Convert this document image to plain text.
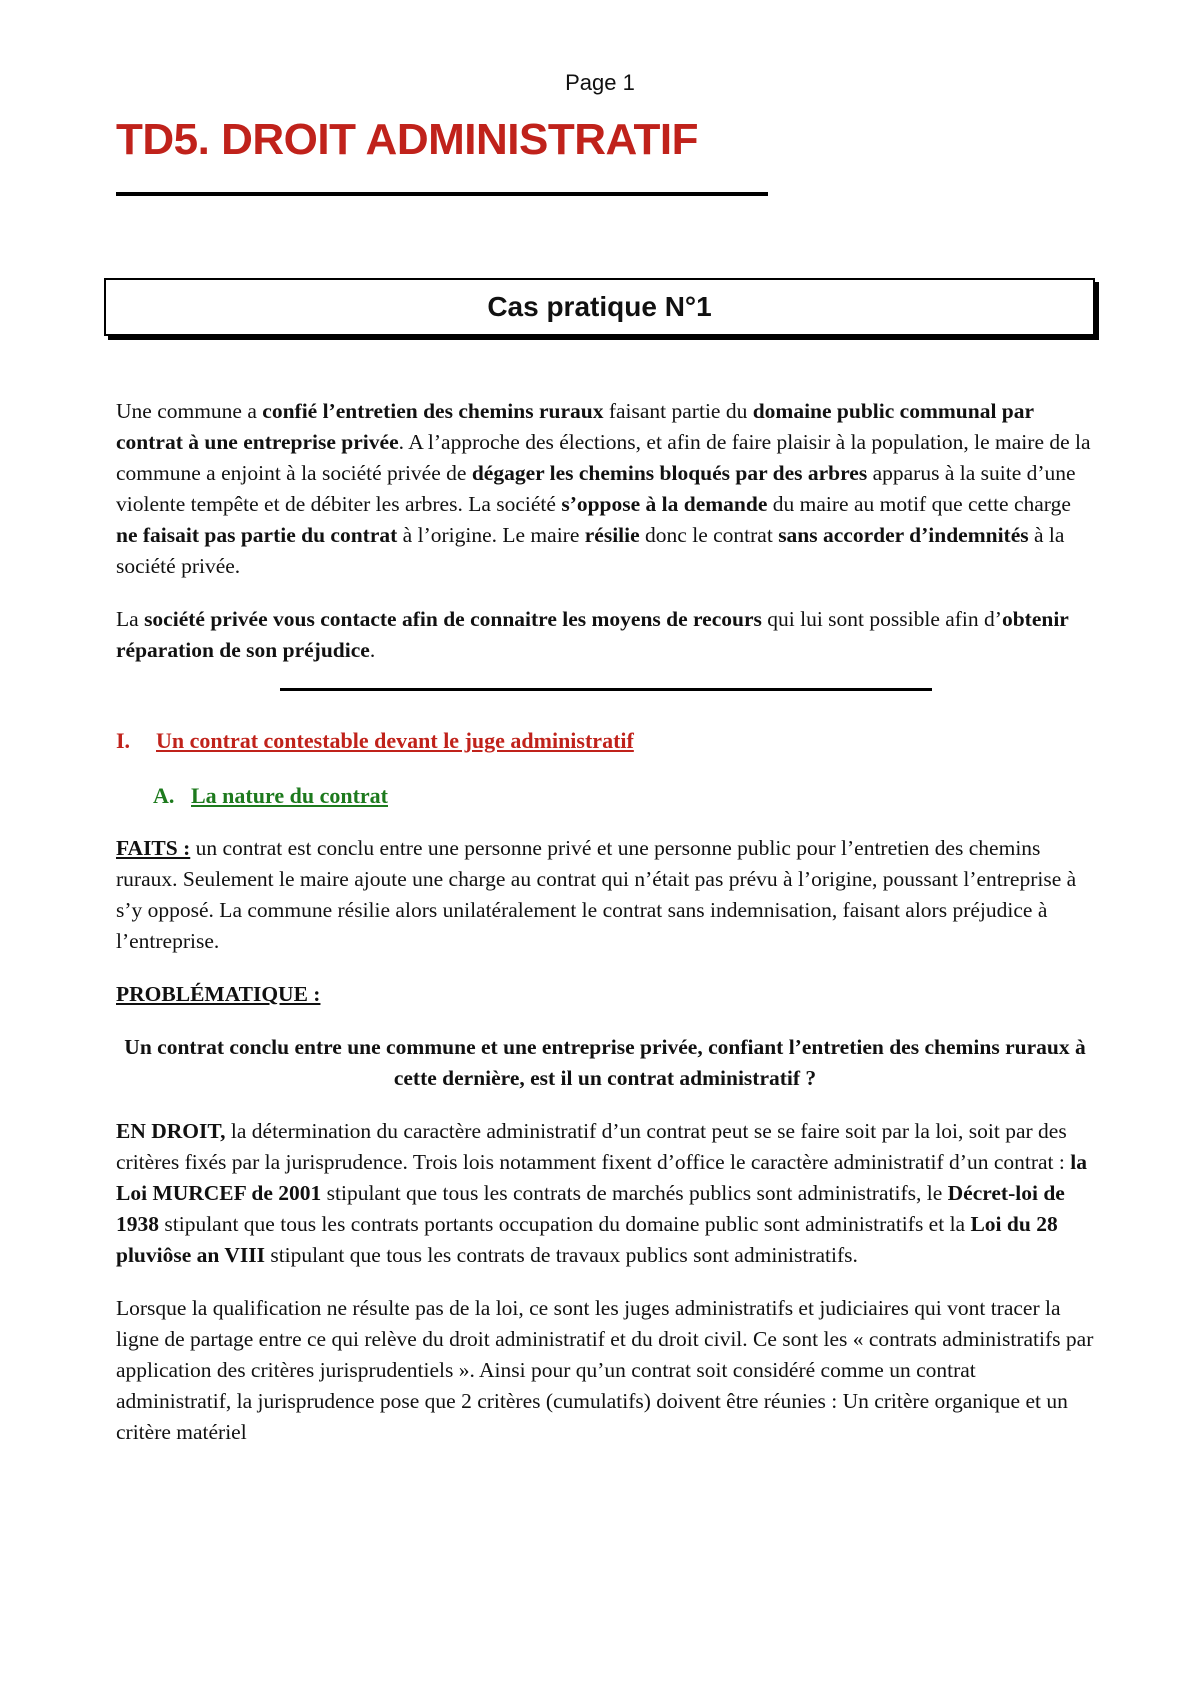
Page 1
TD5. DROIT ADMINISTRATIF
Cas pratique N°1

Une commune a confié l’entretien des chemins ruraux faisant partie du domaine public communal par contrat à une entreprise privée. A l’approche des élections, et afin de faire plaisir à la population, le maire de la commune a enjoint à la société privée de dégager les chemins bloqués par des arbres apparus à la suite d’une violente tempête et de débiter les arbres. La société s’oppose à la demande du maire au motif que cette charge ne faisait pas partie du contrat à l’origine. Le maire résilie donc le contrat sans accorder d’indemnités à la société privée.

La société privée vous contacte afin de connaitre les moyens de recours qui lui sont possible afin d’obtenir réparation de son préjudice.

I. Un contrat contestable devant le juge administratif
A. La nature du contrat

FAITS : un contrat est conclu entre une personne privé et une personne public pour l’entretien des chemins ruraux. Seulement le maire ajoute une charge au contrat qui n’était pas prévu à l’origine, poussant l’entreprise à s’y opposé. La commune résilie alors unilatéralement le contrat sans indemnisation, faisant alors préjudice à l’entreprise.

PROBLÉMATIQUE :

Un contrat conclu entre une commune et une entreprise privée, confiant l’entretien des chemins ruraux à cette dernière, est il un contrat administratif ?

EN DROIT, la détermination du caractère administratif d’un contrat peut se se faire soit par la loi, soit par des critères fixés par la jurisprudence. Trois lois notamment fixent d’office le caractère administratif d’un contrat : la Loi MURCEF de 2001 stipulant que tous les contrats de marchés publics sont administratifs, le Décret-loi de 1938 stipulant que tous les contrats portants occupation du domaine public sont administratifs et la Loi du 28 pluviôse an VIII stipulant que tous les contrats de travaux publics sont administratifs.

Lorsque la qualification ne résulte pas de la loi, ce sont les juges administratifs et judiciaires qui vont tracer la ligne de partage entre ce qui relève du droit administratif et du droit civil. Ce sont les « contrats administratifs par application des critères jurisprudentiels ». Ainsi pour qu’un contrat soit considéré comme un contrat administratif, la jurisprudence pose que 2 critères (cumulatifs) doivent être réunies : Un critère organique et un critère matériel
